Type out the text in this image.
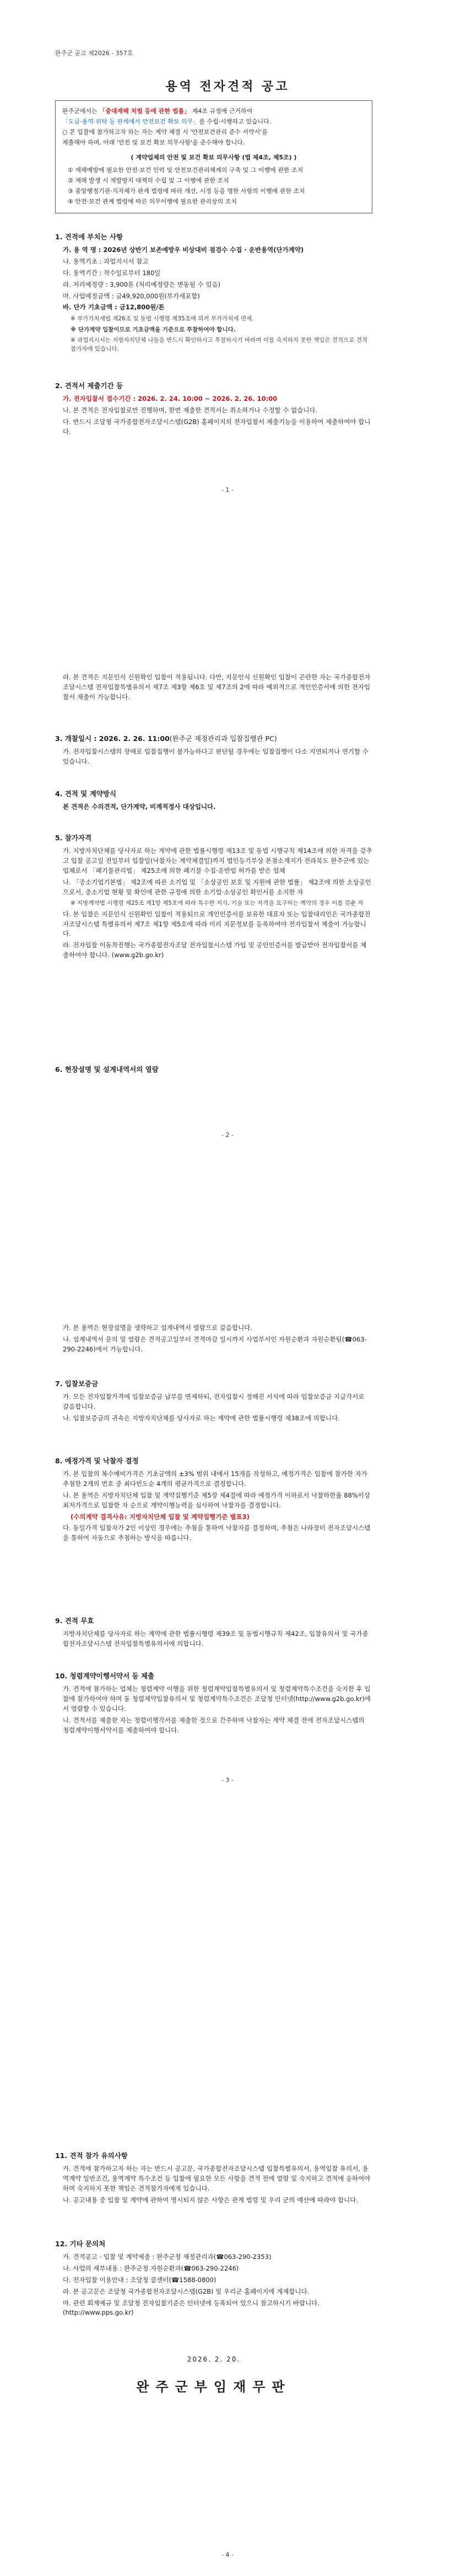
완주군 공고 제2026 - 357호
용역 전자견적 공고

완주군에서는 「중대재해 처벌 등에 관한 법률」 제4조 규정에 근거하여

「도급·용역·위탁 등 관계에서 안전보건 확보 의무」를 수립·시행하고 있습니다.

○ 본 입찰에 참가하고자 하는 자는 계약 체결 시 '안전보건관리 준수 서약서'를

제출해야 하며, 아래 '안전 및 보건 확보 의무사항'을 준수해야 합니다.

( 계약업체의 안전 및 보건 확보 의무사항 (법 제4조, 제5조) )
① 재해예방에 필요한 안전·보건 인력 및 안전보건관리체계의 구축 및 그 이행에 관한 조치
② 재해 발생 시 재발방지 대책의 수립 및 그 이행에 관한 조치
③ 중앙행정기관·지자체가 관계 법령에 따라 개선, 시정 등을 명한 사항의 이행에 관한 조치
④ 안전·보건 관계 법령에 따른 의무이행에 필요한 관리상의 조치
1. 견적에 부치는 사항
가. 용 역 명 : 2026년 상반기 보존예방우 비상대비 점검수 수집 · 운반용역(단가계약)
나. 용역기초 : 과업지시서 참고
다. 용역기간 : 착수일로부터 180일
라. 저리예정량 : 3,900톤 (처리예정량은 변동될 수 있음)
마. 사업예정금액 : 금49,920,000원(부가세포함)
바. 단가 기초금액 : 금12,800원/톤
※ 부가가치세법 제26조 및 동법 시행령 제35조에 의거 부가가치세 면세.
※ 단가계약 입찰이므로 기초금액을 기준으로 투찰하여야 합니다.
※ 과업지시서는 지방자치단체 나들을 반드시 확인하시고 투찰하시기 바라며 이를 숙지하지 못한 책임은 견적으로 견적 참가자에 있습니다.
2. 견적서 제출기간 등
가. 전자입찰서 접수기간 : 2026. 2. 24. 10:00 ~ 2026. 2. 26. 10:00
나. 본 견적은 전자입찰로만 진행하며, 한번 제출한 견적서는 취소하거나 수정할 수 없습니다.
다. 반드시 조달청 국가종합전자조달시스템(G2B) 홈페이지의 전자입찰서 제출기능을 이용하여 제출하여야 합니다.
- 1 -
라. 본 견적은 지문인식 신원확인 입찰이 적용됩니다. 다만, 지문인식 신원확인 입찰이 곤란한 자는 국가종합전자조달시스템 전자입찰특별유의서 제7조 제3항 제6호 및 제7조의 2에 따라 예외적으로 개인인증서에 의한 전자입찰서 제출이 가능합니다.
3. 개찰일시 : 2026. 2. 26. 11:00(완주군 재정관리과 입찰집행관 PC)
가. 전자입찰시스템의 장애로 입찰집행이 불가능하다고 판단될 경우에는 입찰집행이 다소 지연되거나 연기할 수 있습니다.
4. 견적 및 계약방식
본 견적은 수의견적, 단가계약, 비계적정사 대상입니다.
5. 참가자격
가. 지방자치단체를 당사자로 하는 계약에 관한 법률시행령 제13조 및 동법 시행규칙 제14조에 의한 자격을 갖추고 입찰 공고일 전일부터 입찰일(낙찰자는 계약체결일)까지 법인등기부상 본점소재지가 전라북도 완주군에 있는 업체로서 「폐기물관리법」 제25조에 의한 폐기물 수집·운반업 허가를 받은 업체
나. 「중소기업기본법」 제2조에 따른 소기업 및 「소상공인 보호 및 지원에 관한 법률」 제2조에 의한 소상공인으로서, 중소기업 현황 및 확인에 관한 규정에 의한 소기업·소상공인 확인서를 소지한 자
※ 지방계약법 시행령 제25조 제1항 제5호에 따라 특수한 지식, 기술 또는 자격을 요구하는 계약의 경우 이를 갖춘 자
다. 본 입찰은 지문인식 신원확인 입찰이 적용되므로 개인인증서를 보유한 대표자 또는 입찰대리인은 국가종합전자조달시스템 특별유의서 제7조 제1항 제5호에 따라 미리 지문정보를 등록하여야 전자입찰서 제출이 가능합니다.
라. 전자입찰 이동착진행는 국가종합전자조달 전자입찰시스템 가입 및 공인인증서를 발급받아 전자입찰서를 제출하여야 합니다. (www.g2b.go.kr)
6. 현장설명 및 설계내역서의 열람
- 2 -
가. 본 용역은 현장설명을 생략하고 설계내역서 열람으로 갈음합니다.
나. 설계내역서 문의 및 열람은 견적공고일부터 견적마감 일시까지 사업부서인 자원순환과 자원순환팀(☎063-290-2246)에서 가능합니다.
7. 입찰보증금
가. 모든 전자입찰가격에 입찰보증금 납부를 면제하되, 전자입찰시 정해진 서식에 따라 입찰보증금 지급각서로 갈음합니다.
나. 입찰보증금의 귀속은 지방자치단체를 당사자로 하는 계약에 관한 법률시행령 제38조에 의합니다.
8. 예정가격 및 낙찰자 결정
가. 본 입찰의 복수예비가격은 기초금액의 ±3% 범위 내에서 15개를 작성하고, 예정가격은 입찰에 참가한 자가 추첨한 2개의 번호 중 최다빈도순 4개의 평균가격으로 결정합니다.
나. 본 용역은 지방자치단체 입찰 및 계약집행기준 제5장 제4절에 따라 예정가격 이하로서 낙찰하한율 88%이상 최저가격으로 입찰한 자 순으로 계약이행능력을 심사하여 낙찰자를 결정합니다.
(수의계약 결격사유: 지방자치단체 입찰 및 계약집행기준 별표3)
다. 동일가격 입찰자가 2인 이상인 경우에는 추첨을 통하여 낙찰자를 결정하며, 추첨은 나라장터 전자조달시스템을 통하여 자동으로 추첨하는 방식을 따릅니다.
9. 견적 무효
지방자치단체를 당사자로 하는 계약에 관한 법률시행령 제39조 및 동법시행규칙 제42조, 입찰유의서 및 국가종합전자조달시스템 전자입찰특별유의서에 의합니다.
10. 청렴계약이행서약서 등 제출
가. 견적에 참가하는 업체는 청렴계약 이행을 위한 청렴계약입찰특별유의서 및 청렴계약특수조건을 숙지한 후 입찰에 참가하여야 하며 동 청렴계약입찰유의서 및 청렴계약특수조건은 조달청 인터넷(http://www.g2b.go.kr)에서 열람할 수 있습니다.
나. 견적서를 제출한 자는 청렴이행각서를 제출한 것으로 간주하며 낙찰자는 계약 체결 전에 전자조달시스템의 청렴계약이행서약서를 제출하여야 합니다.
- 3 -
11. 견적 참가 유의사항
가. 견적에 참가하고자 하는 자는 반드시 공고문, 국가종합전자조달시스템 입찰특별유의서, 용역입찰 유의서, 용역계약 일반조건, 용역계약 특수조건 등 입찰에 필요한 모든 사항을 견적 전에 열람 및 숙지하고 견적에 응하여야 하며 숙지하지 못한 책임은 견적참가자에게 있습니다.
나. 공고내용 중 입찰 및 계약에 관하여 명시되지 않은 사항은 관계 법령 및 우리 군의 예산에 따라야 합니다.
12. 기타 문의처
가. 견적공고 · 입찰 및 계약제출 : 완주군청 재정관리과(☎063-290-2353)
나. 사업의 세부내용 : 완주군청 자원순환과(☎063-290-2246)
다. 전자입찰 이용안내 : 조달청 콜센터(☎1588-0800)
라. 본 공고문은 조달청 국가종합전자조달시스템(G2B) 및 우리군 홈페이지에 게재합니다.
마. 관련 회계예규 및 조달청 전자입찰기준은 인터넷에 등록되어 있으니 참고하시기 바랍니다. (http://www.pps.go.kr)
2026. 2. 20.
완주군부임재무판
- 4 -
